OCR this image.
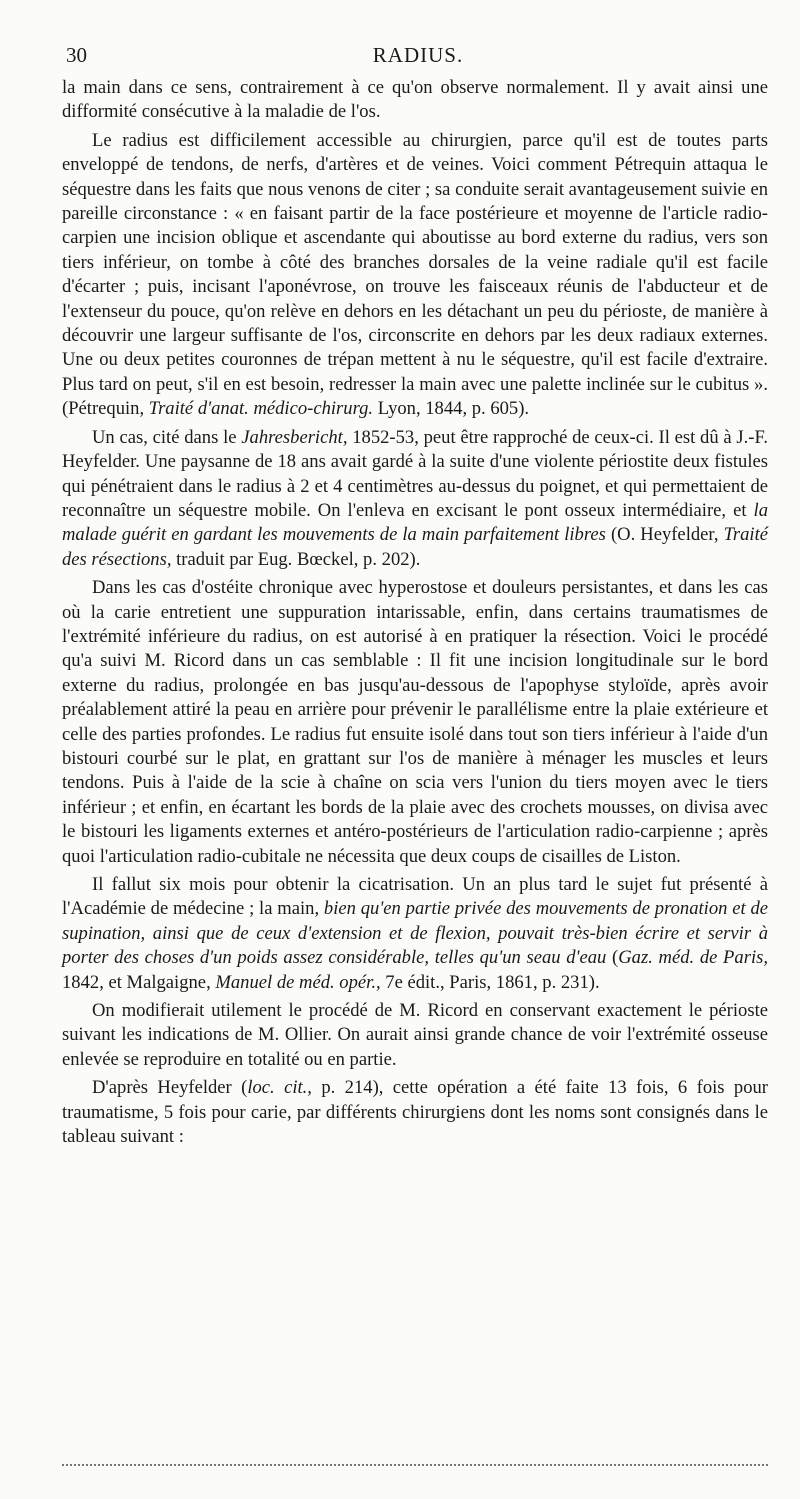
30	RADIUS.

la main dans ce sens, contrairement à ce qu'on observe normalement. Il y avait ainsi une difformité consécutive à la maladie de l'os.

Le radius est difficilement accessible au chirurgien, parce qu'il est de toutes parts enveloppé de tendons, de nerfs, d'artères et de veines. Voici comment Pétrequin attaqua le séquestre dans les faits que nous venons de citer ; sa conduite serait avantageusement suivie en pareille circonstance : « en faisant partir de la face postérieure et moyenne de l'article radio-carpien une incision oblique et ascendante qui aboutisse au bord externe du radius, vers son tiers inférieur, on tombe à côté des branches dorsales de la veine radiale qu'il est facile d'écarter ; puis, incisant l'aponévrose, on trouve les faisceaux réunis de l'abducteur et de l'extenseur du pouce, qu'on relève en dehors en les détachant un peu du périoste, de manière à découvrir une largeur suffisante de l'os, circonscrite en dehors par les deux radiaux externes. Une ou deux petites couronnes de trépan mettent à nu le séquestre, qu'il est facile d'extraire. Plus tard on peut, s'il en est besoin, redresser la main avec une palette inclinée sur le cubitus ». (Pétrequin, Traité d'anat. médico-chirurg. Lyon, 1844, p. 605).

Un cas, cité dans le Jahresbericht, 1852-53, peut être rapproché de ceux-ci. Il est dû à J.-F. Heyfelder. Une paysanne de 18 ans avait gardé à la suite d'une violente périostite deux fistules qui pénétraient dans le radius à 2 et 4 centimètres au-dessus du poignet, et qui permettaient de reconnaître un séquestre mobile. On l'enleva en excisant le pont osseux intermédiaire, et la malade guérit en gardant les mouvements de la main parfaitement libres (O. Heyfelder, Traité des résections, traduit par Eug. Bœckel, p. 202).

Dans les cas d'ostéite chronique avec hyperostose et douleurs persistantes, et dans les cas où la carie entretient une suppuration intarissable, enfin, dans certains traumatismes de l'extrémité inférieure du radius, on est autorisé à en pratiquer la résection. Voici le procédé qu'a suivi M. Ricord dans un cas semblable : Il fit une incision longitudinale sur le bord externe du radius, prolongée en bas jusqu'au-dessous de l'apophyse styloïde, après avoir préalablement attiré la peau en arrière pour prévenir le parallélisme entre la plaie extérieure et celle des parties profondes. Le radius fut ensuite isolé dans tout son tiers inférieur à l'aide d'un bistouri courbé sur le plat, en grattant sur l'os de manière à ménager les muscles et leurs tendons. Puis à l'aide de la scie à chaîne on scia vers l'union du tiers moyen avec le tiers inférieur ; et enfin, en écartant les bords de la plaie avec des crochets mousses, on divisa avec le bistouri les ligaments externes et antéro-postérieurs de l'articulation radio-carpienne ; après quoi l'articulation radio-cubitale ne nécessita que deux coups de cisailles de Liston.

Il fallut six mois pour obtenir la cicatrisation. Un an plus tard le sujet fut présenté à l'Académie de médecine ; la main, bien qu'en partie privée des mouvements de pronation et de supination, ainsi que de ceux d'extension et de flexion, pouvait très-bien écrire et servir à porter des choses d'un poids assez considérable, telles qu'un seau d'eau (Gaz. méd. de Paris, 1842, et Malgaigne, Manuel de méd. opér., 7e édit., Paris, 1861, p. 231).

On modifierait utilement le procédé de M. Ricord en conservant exactement le périoste suivant les indications de M. Ollier. On aurait ainsi grande chance de voir l'extrémité osseuse enlevée se reproduire en totalité ou en partie.

D'après Heyfelder (loc. cit., p. 214), cette opération a été faite 13 fois, 6 fois pour traumatisme, 5 fois pour carie, par différents chirurgiens dont les noms sont consignés dans le tableau suivant :
